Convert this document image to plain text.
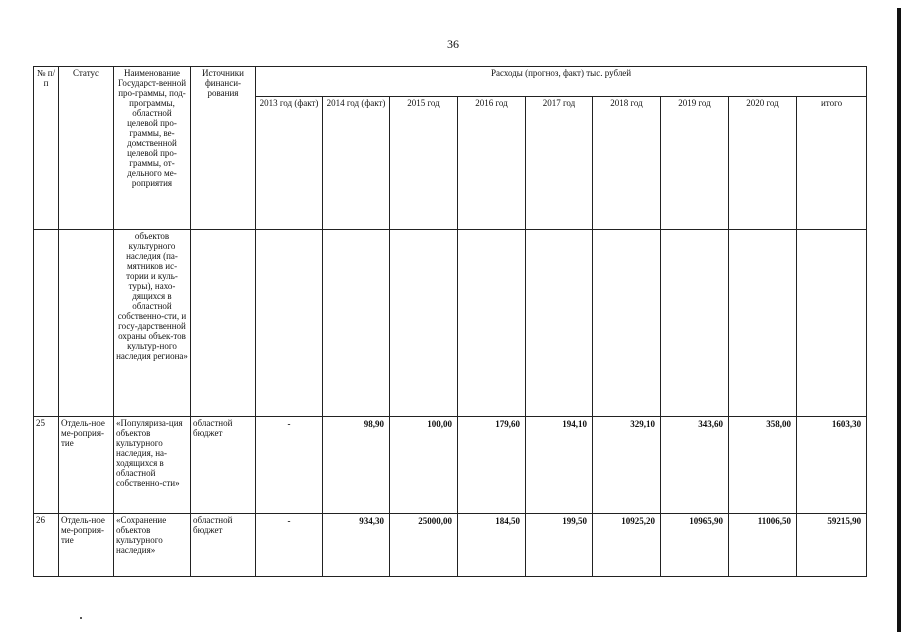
36
№ п/п	Статус	Наименование Государст-венной про-граммы, под-программы, областной целевой про-граммы, ве-домственной целевой про-граммы, от-дельного ме-роприятия	Источники финанси-рования	Расходы (прогноз, факт) тыс. рублей								
				2013 год (факт)	2014 год (факт)	2015 год	2016 год	2017 год	2018 год	2019 год	2020 год	итого
		объектов культурного наследия (па-мятников ис-тории и куль-туры), нахо-дящихся в областной собственно-сти, и госу-дарственной охраны объек-тов культур-ного наследия региона»										
25	Отдель-ное ме-роприя-тие	«Популяриза-ция объектов культурного наследия, на-ходящихся в областной собственно-сти»	областной бюджет	-	98,90	100,00	179,60	194,10	329,10	343,60	358,00	1603,30
26	Отдель-ное ме-роприя-тие	«Сохранение объектов культурного наследия»	областной бюджет	-	934,30	25000,00	184,50	199,50	10925,20	10965,90	11006,50	59215,90
